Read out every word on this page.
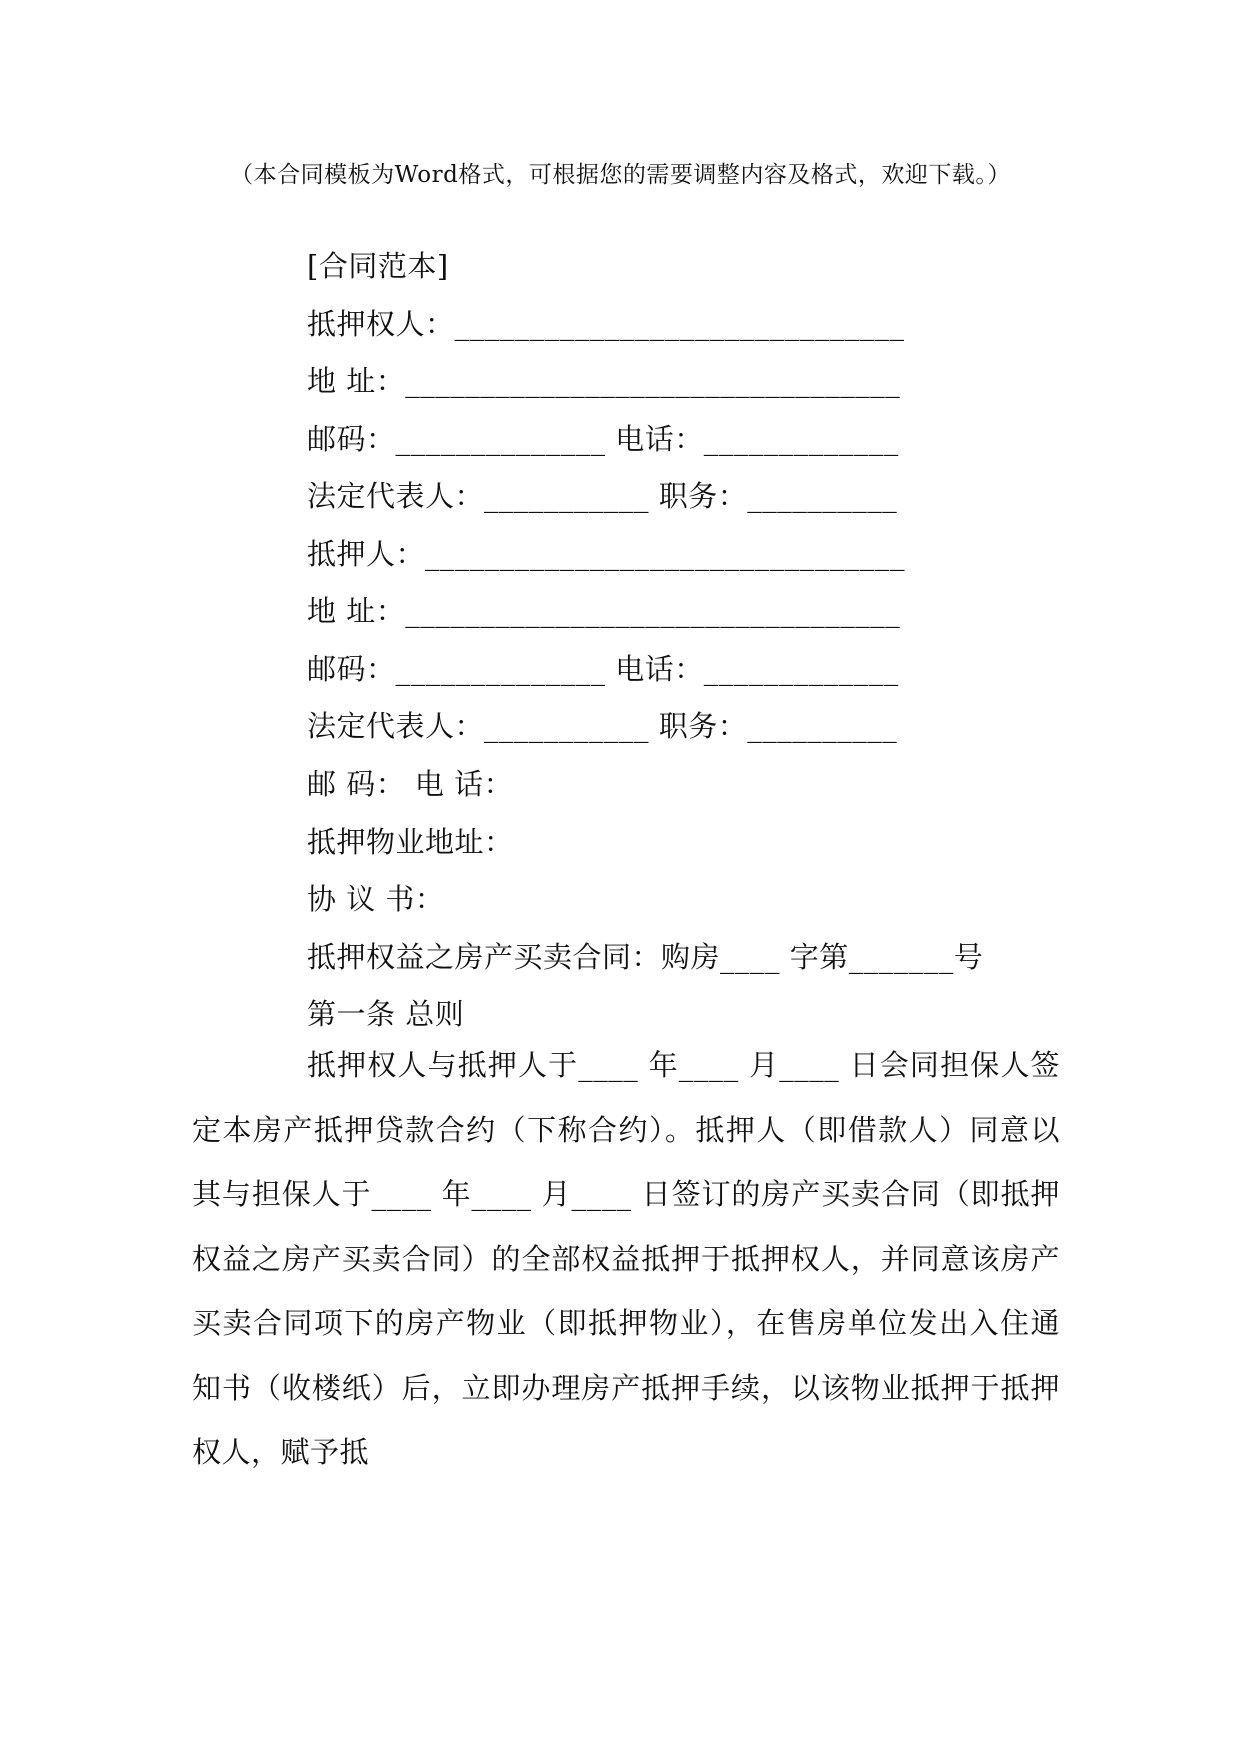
（本合同模板为Word格式，可根据您的需要调整内容及格式，欢迎下载。）
[合同范本]
抵押权人：______________________________
地 址：_________________________________
邮码：______________ 电话：_____________
法定代表人：___________ 职务：__________
抵押人：________________________________
地 址：_________________________________
邮码：______________ 电话：_____________
法定代表人：___________ 职务：__________
邮 码： 电 话：
抵押物业地址：
协 议 书：
抵押权益之房产买卖合同：购房____ 字第_______号
第一条 总则
抵押权人与抵押人于____ 年____ 月____ 日会同担保人签定本房产抵押贷款合约（下称合约）。抵押人（即借款人）同意以其与担保人于____ 年____ 月____ 日签订的房产买卖合同（即抵押权益之房产买卖合同）的全部权益抵押于抵押权人，并同意该房产买卖合同项下的房产物业（即抵押物业），在售房单位发出入住通知书（收楼纸）后，立即办理房产抵押手续，以该物业抵押于抵押权人，赋予抵
